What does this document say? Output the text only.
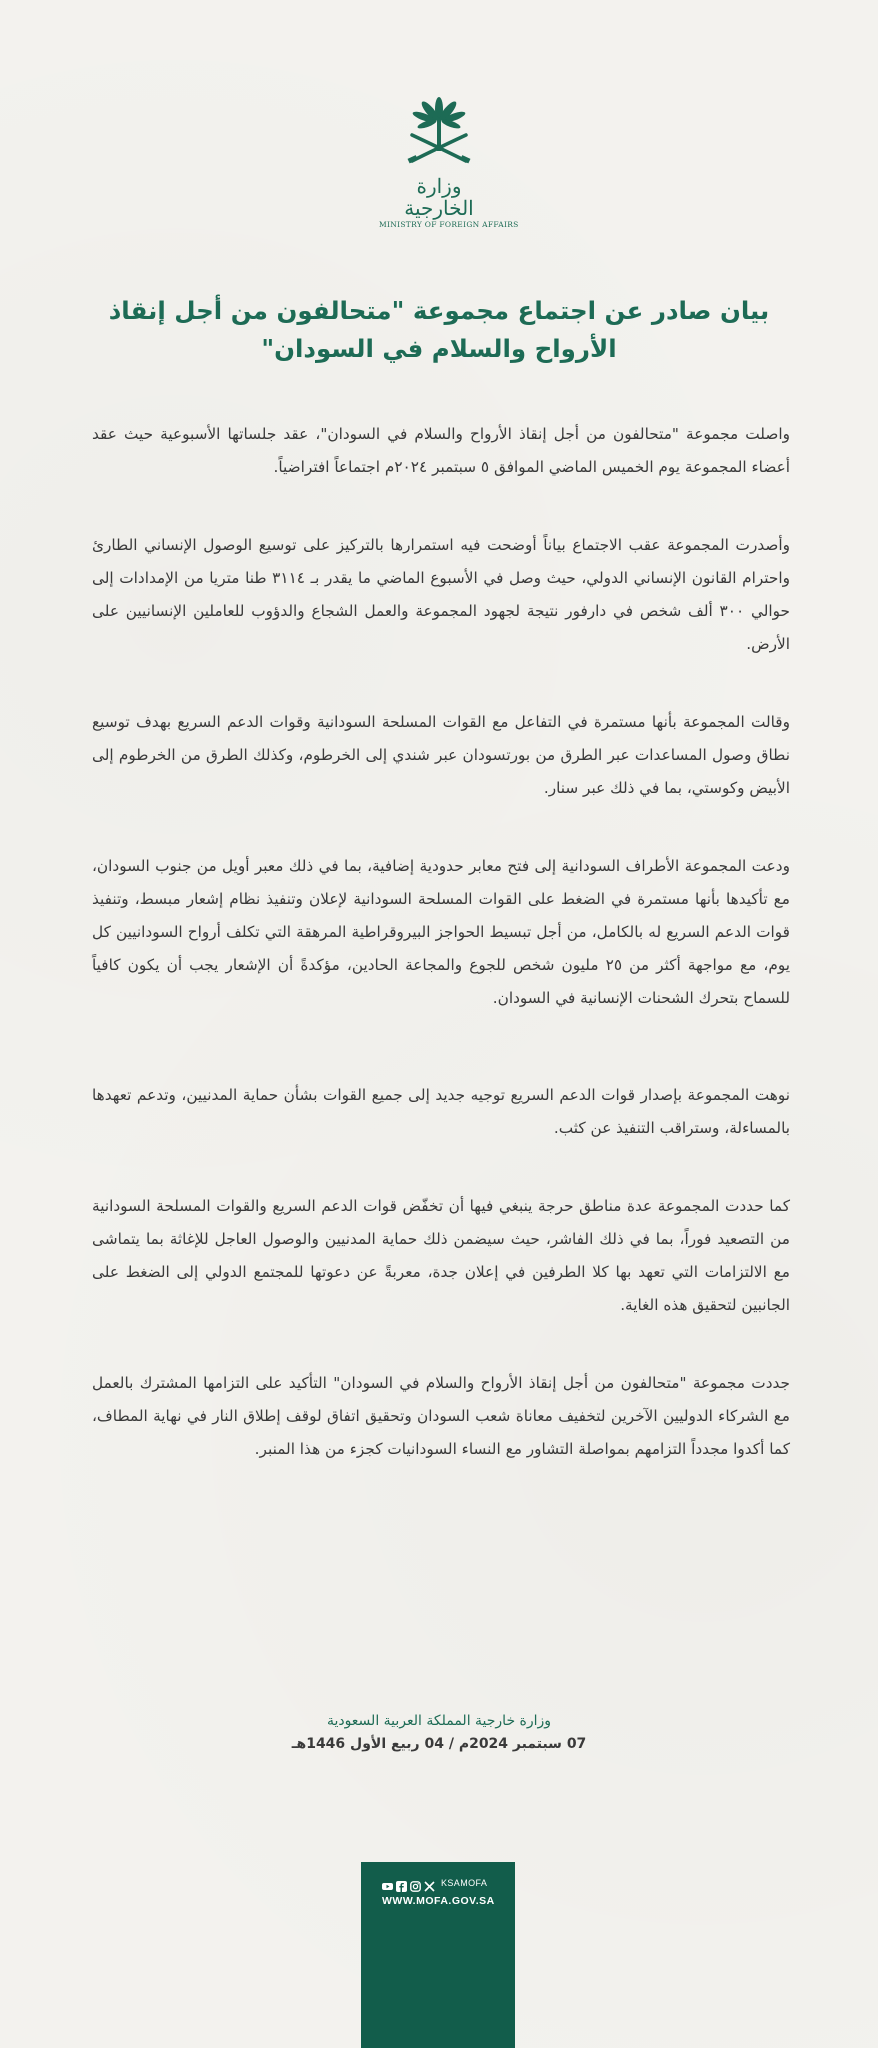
وزارة الخارجية
MINISTRY OF FOREIGN AFFAIRS
بيان صادر عن اجتماع مجموعة "متحالفون من أجل إنقاذ الأرواح والسلام في السودان"

واصلت مجموعة "متحالفون من أجل إنقاذ الأرواح والسلام في السودان"، عقد جلساتها الأسبوعية حيث عقد أعضاء المجموعة يوم الخميس الماضي الموافق ٥ سبتمبر ٢٠٢٤م اجتماعاً افتراضياً.

وأصدرت المجموعة عقب الاجتماع بياناً أوضحت فيه استمرارها بالتركيز على توسيع الوصول الإنساني الطارئ واحترام القانون الإنساني الدولي، حيث وصل في الأسبوع الماضي ما يقدر بـ ٣١١٤ طنا متريا من الإمدادات إلى حوالي ٣٠٠ ألف شخص في دارفور نتيجة لجهود المجموعة والعمل الشجاع والدؤوب للعاملين الإنسانيين على الأرض.

وقالت المجموعة بأنها مستمرة في التفاعل مع القوات المسلحة السودانية وقوات الدعم السريع بهدف توسيع نطاق وصول المساعدات عبر الطرق من بورتسودان عبر شندي إلى الخرطوم، وكذلك الطرق من الخرطوم إلى الأبيض وكوستي، بما في ذلك عبر سنار.

ودعت المجموعة الأطراف السودانية إلى فتح معابر حدودية إضافية، بما في ذلك معبر أويل من جنوب السودان، مع تأكيدها بأنها مستمرة في الضغط على القوات المسلحة السودانية لإعلان وتنفيذ نظام إشعار مبسط، وتنفيذ قوات الدعم السريع له بالكامل، من أجل تبسيط الحواجز البيروقراطية المرهقة التي تكلف أرواح السودانيين كل يوم، مع مواجهة أكثر من ٢٥ مليون شخص للجوع والمجاعة الحادين، مؤكدةً أن الإشعار يجب أن يكون كافياً للسماح بتحرك الشحنات الإنسانية في السودان.

نوهت المجموعة بإصدار قوات الدعم السريع توجيه جديد إلى جميع القوات بشأن حماية المدنيين، وتدعم تعهدها بالمساءلة، وستراقب التنفيذ عن كثب.

كما حددت المجموعة عدة مناطق حرجة ينبغي فيها أن تخفّض قوات الدعم السريع والقوات المسلحة السودانية من التصعيد فوراً، بما في ذلك الفاشر، حيث سيضمن ذلك حماية المدنيين والوصول العاجل للإغاثة بما يتماشى مع الالتزامات التي تعهد بها كلا الطرفين في إعلان جدة، معربةً عن دعوتها للمجتمع الدولي إلى الضغط على الجانبين لتحقيق هذه الغاية.

جددت مجموعة "متحالفون من أجل إنقاذ الأرواح والسلام في السودان" التأكيد على التزامها المشترك بالعمل مع الشركاء الدوليين الآخرين لتخفيف معاناة شعب السودان وتحقيق اتفاق لوقف إطلاق النار في نهاية المطاف، كما أكدوا مجدداً التزامهم بمواصلة التشاور مع النساء السودانيات كجزء من هذا المنبر.

وزارة خارجية المملكة العربية السعودية
07 سبتمبر 2024م / 04 ربيع الأول 1446هـ
KSAMOFA
WWW.MOFA.GOV.SA
